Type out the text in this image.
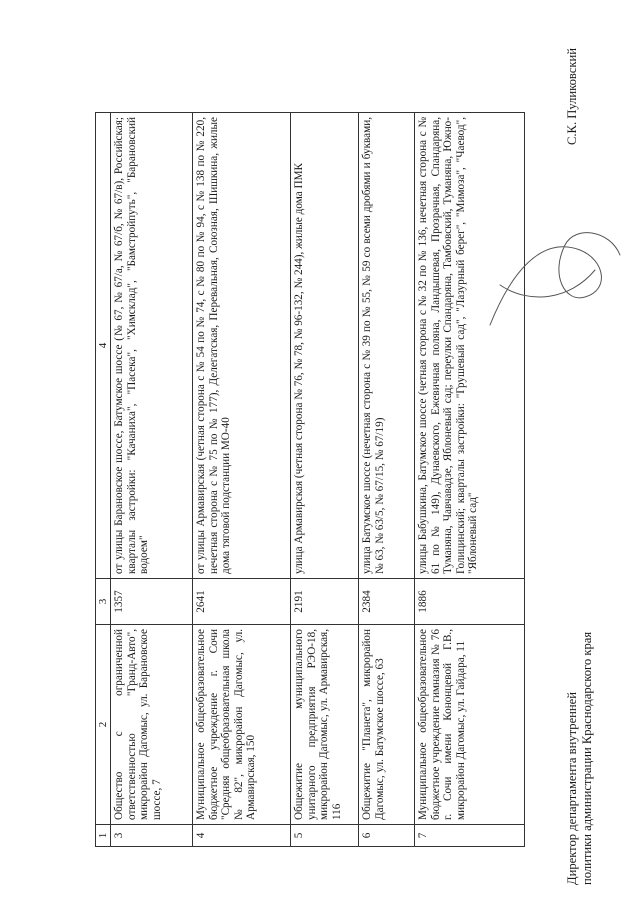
1	2	3	4
3	Общество с ограниченной ответственностью "Гранд-Авто", микрорайон Дагомыс, ул. Барановское шоссе, 7	1357	от улицы Барановское шоссе, Батумское шоссе (№ 67, № 67/а, № 67/б, № 67/в), Российская; кварталы застройки: "Качаниха", "Пасека", "Химсклад", "Бамстройпуть", "Барановский водоем"
4	Муниципальное общеобразовательное бюджетное учреждение г. Сочи "Средняя общеобразовательная школа № 82", микрорайон Дагомыс, ул. Армавирская, 150	2641	от улицы Армавирская (четная сторона с № 54 по № 74, с № 80 по № 94, с № 138 по № 220, нечетная сторона с № 75 по № 177), Делегатская, Перевальная, Союзная, Шишкина, жилые дома тяговой подстанции МО-40
5	Общежитие муниципального унитарного предприятия РЭО-18, микрорайон Дагомыс, ул. Армавирская, 116	2191	улица Армавирская (четная сторона № 76, № 78, № 96-132, № 244), жилые дома ПМК
6	Общежитие "Планета", микрорайон Дагомыс, ул. Батумское шоссе, 63	2384	улица Батумское шоссе (нечетная сторона с № 39 по № 55, № 59 со всеми дробями и буквами, № 63, № 63/5, № 67/15, № 67/19)
7	Муниципальное общеобразовательное бюджетное учреждение гимназия № 76 г. Сочи имени Кононцевой Г.В., микрорайон Дагомыс, ул. Гайдара, 11	1886	улицы Бабушкина, Батумское шоссе (четная сторона с № 32 по № 136, нечетная сторона с № 61 по № 149), Дунаевского, Ежевичная поляна, Ландышевая, Прозрачная, Спандаряна, Туманяна, Чавчавадзе, Яблоневый сад; переулки Спандаряна, Тамбовский, Туманяна, Южно-Голицинский; кварталы застройки: "Грушевый сад", "Лазурный берег", "Мимоза", "Чаевод", "Яблоневый сад"
Директор департамента внутренней политики администрации Краснодарского края
С.К. Пуликовский
